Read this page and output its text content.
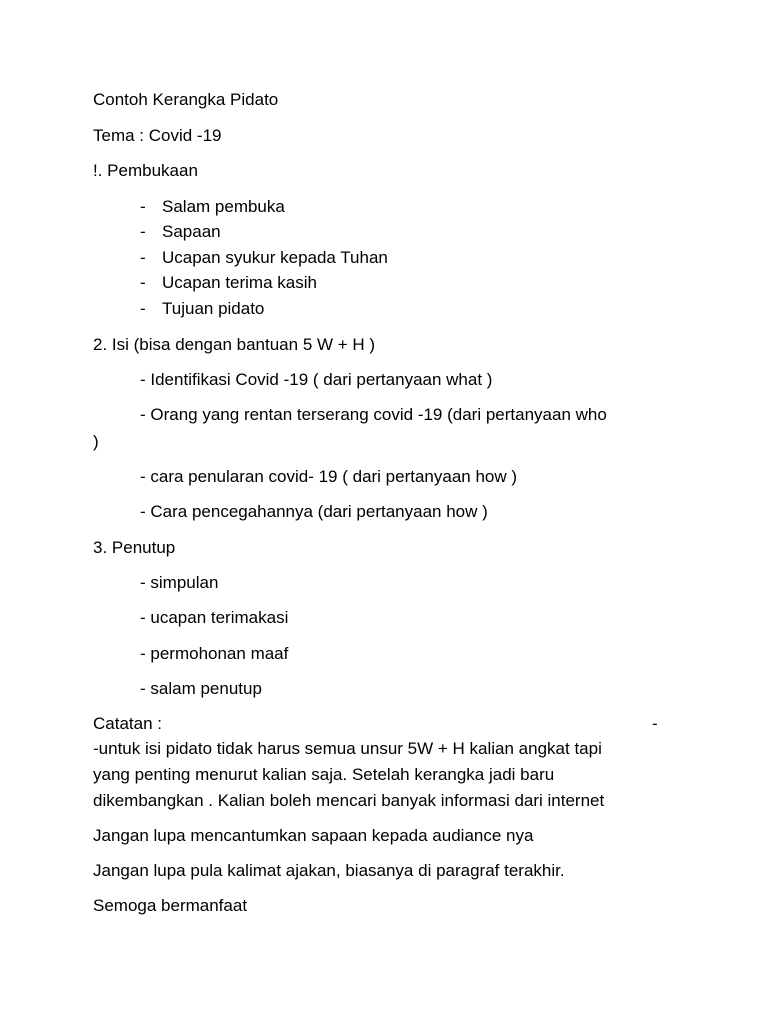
Contoh Kerangka Pidato
Tema : Covid -19
!. Pembukaan
- Salam pembuka
- Sapaan
- Ucapan syukur kepada Tuhan
- Ucapan terima kasih
- Tujuan pidato
2. Isi (bisa dengan bantuan 5 W + H )
- Identifikasi Covid -19 ( dari pertanyaan what )
- Orang yang rentan terserang covid -19 (dari pertanyaan who
)
- cara penularan covid- 19 ( dari pertanyaan how )
- Cara pencegahannya (dari pertanyaan how )
3. Penutup
- simpulan
- ucapan terimakasi
- permohonan maaf
- salam penutup
Catatan :	-
-untuk isi pidato tidak harus semua unsur 5W + H kalian angkat tapi
yang penting menurut kalian saja. Setelah kerangka jadi baru
dikembangkan . Kalian boleh mencari banyak informasi dari internet
Jangan lupa mencantumkan sapaan kepada audiance nya
Jangan lupa pula kalimat ajakan, biasanya di paragraf terakhir.
Semoga bermanfaat
